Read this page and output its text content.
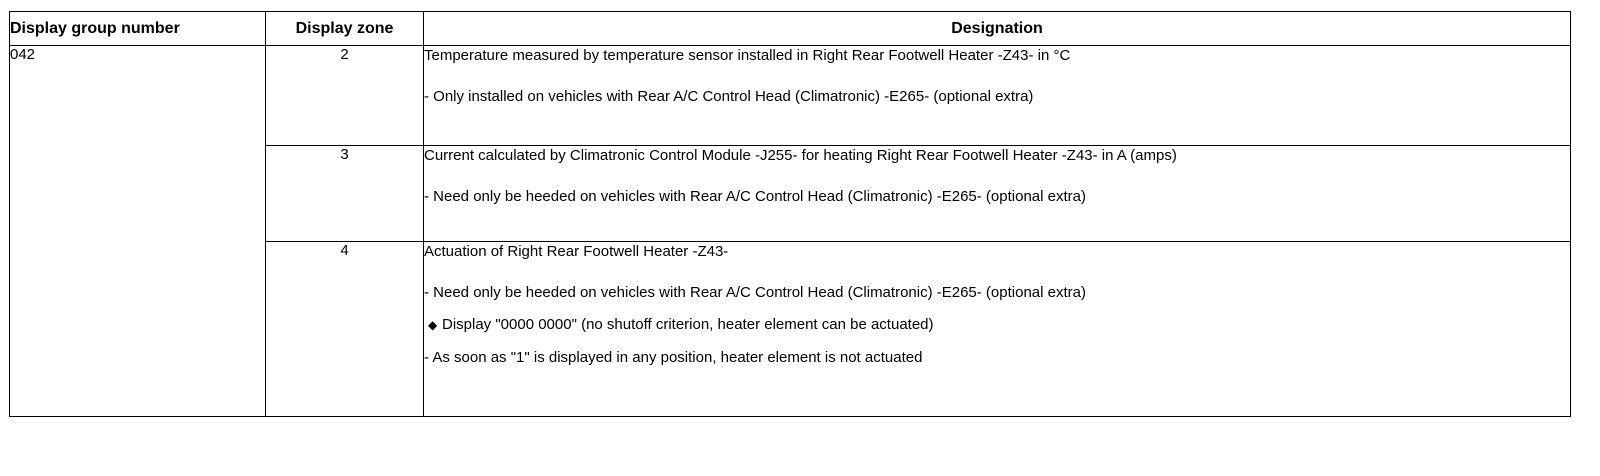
Display group number	Display zone	Designation
042	2	Temperature measured by temperature sensor installed in Right Rear Footwell Heater -Z43- in °C
- Only installed on vehicles with Rear A/C Control Head (Climatronic) -E265- (optional extra)

	3	Current calculated by Climatronic Control Module -J255- for heating Right Rear Footwell Heater -Z43- in A (amps)
- Need only be heeded on vehicles with Rear A/C Control Head (Climatronic) -E265- (optional extra)

	4	Actuation of Right Rear Footwell Heater -Z43-
- Need only be heeded on vehicles with Rear A/C Control Head (Climatronic) -E265- (optional extra)
◆ Display "0000 0000" (no shutoff criterion, heater element can be actuated)
- As soon as "1" is displayed in any position, heater element is not actuated
